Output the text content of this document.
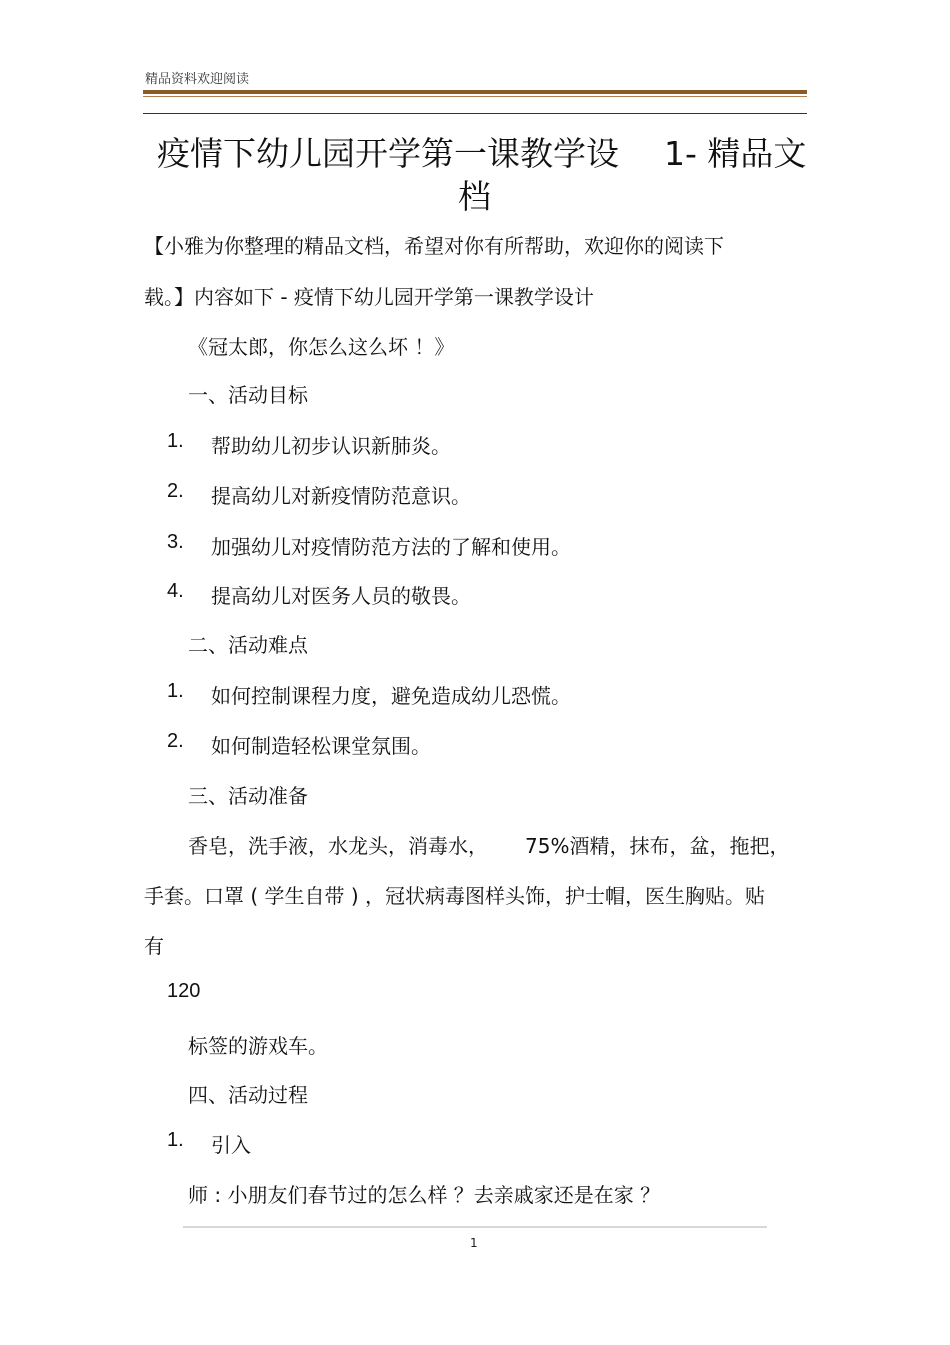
精品资料欢迎阅读
疫情下幼儿园开学第一课教学设 1- 精品文
档
【小雅为你整理的精品文档，希望对你有所帮助，欢迎你的阅读下
载。】内容如下 - 疫情下幼儿园开学第一课教学设计
《冠太郎，你怎么这么坏 ！》
一、活动目标
1. 帮助幼儿初步认识新肺炎。
2. 提高幼儿对新疫情防范意识。
3. 加强幼儿对疫情防范方法的了解和使用。
4. 提高幼儿对医务人员的敬畏。
二、活动难点
1. 如何控制课程力度，避免造成幼儿恐慌。
2. 如何制造轻松课堂氛围。
三、活动准备
香皂，洗手液，水龙头，消毒水， 75%酒精，抹布，盆，拖把，
手套。口罩 ( 学生自带 ) ，冠状病毒图样头饰，护士帽，医生胸贴。贴
有
120
标签的游戏车。
四、活动过程
1. 引入
师 : 小朋友们春节过的怎么样 ？去亲戚家还是在家 ？
1
